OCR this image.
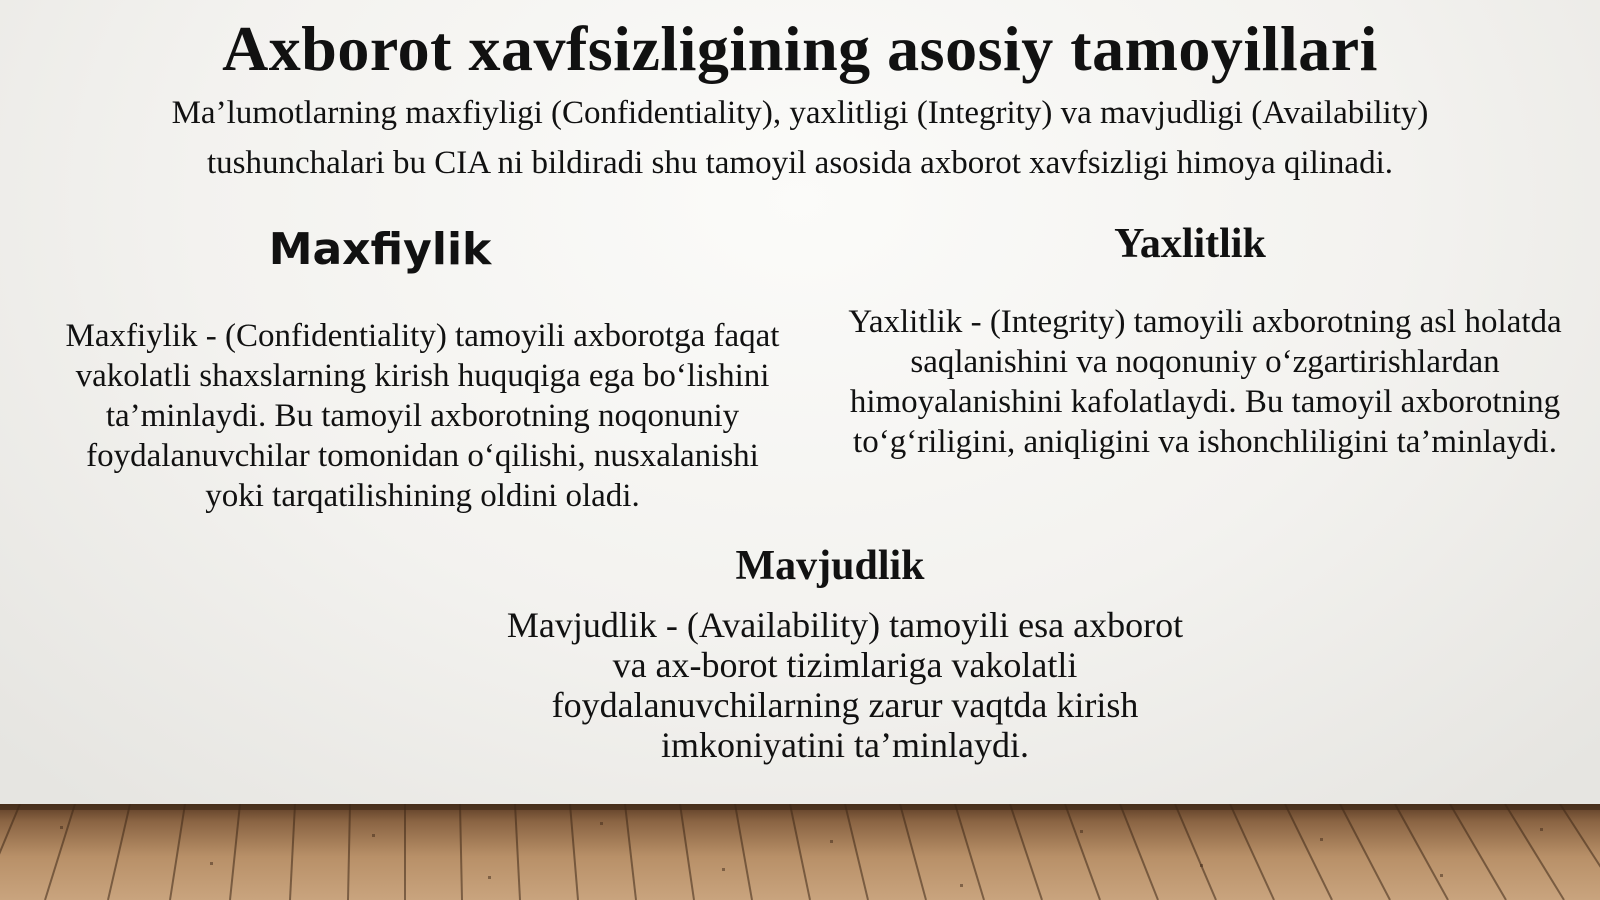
Axborot xavfsizligining asosiy tamoyillari
Ma’lumotlarning maxfiyligi (Confidentiality), yaxlitligi (Integrity) va mavjudligi (Availability) tushunchalari bu CIA ni bildiradi shu tamoyil asosida axborot xavfsizligi himoya qilinadi.
Maxfiylik
Maxfiylik - (Confidentiality) tamoyili axborotga faqat vakolatli shaxslarning kirish huquqiga ega bo‘lishini ta’minlaydi. Bu tamoyil axborotning noqonuniy foydalanuvchilar tomonidan o‘qilishi, nusxalanishi yoki tarqatilishining oldini oladi.
Yaxlitlik
Yaxlitlik - (Integrity) tamoyili axborotning asl holatda saqlanishini va noqonuniy o‘zgartirishlardan himoyalanishini kafolatlaydi. Bu tamoyil axborotning to‘g‘riligini, aniqligini va ishonchliligini ta’minlaydi.
Mavjudlik
Mavjudlik - (Availability) tamoyili esa axborot va ax-borot tizimlariga vakolatli foydalanuvchilarning zarur vaqtda kirish imkoniyatini ta’minlaydi.
